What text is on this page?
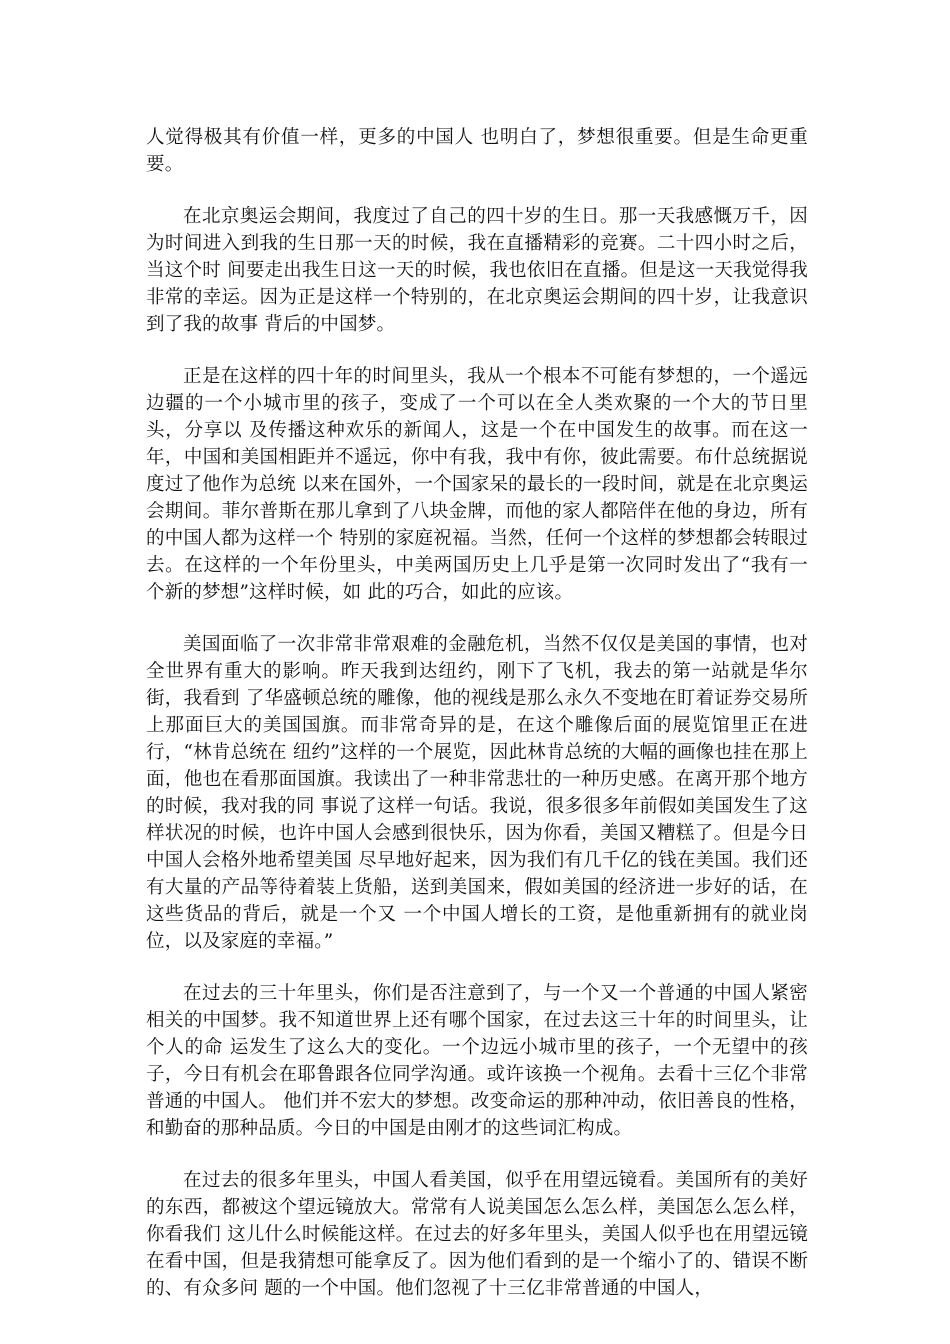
人觉得极其有价值一样，更多的中国人 也明白了，梦想很重要。但是生命更重要。

在北京奥运会期间，我度过了自己的四十岁的生日。那一天我感慨万千，因为时间进入到我的生日那一天的时候，我在直播精彩的竞赛。二十四小时之后，当这个时 间要走出我生日这一天的时候，我也依旧在直播。但是这一天我觉得我非常的幸运。因为正是这样一个特别的，在北京奥运会期间的四十岁，让我意识到了我的故事 背后的中国梦。

正是在这样的四十年的时间里头，我从一个根本不可能有梦想的，一个遥远边疆的一个小城市里的孩子，变成了一个可以在全人类欢聚的一个大的节日里头，分享以 及传播这种欢乐的新闻人，这是一个在中国发生的故事。而在这一年，中国和美国相距并不遥远，你中有我，我中有你，彼此需要。布什总统据说度过了他作为总统 以来在国外，一个国家呆的最长的一段时间，就是在北京奥运会期间。菲尔普斯在那儿拿到了八块金牌，而他的家人都陪伴在他的身边，所有的中国人都为这样一个 特别的家庭祝福。当然，任何一个这样的梦想都会转眼过去。在这样的一个年份里头，中美两国历史上几乎是第一次同时发出了“我有一个新的梦想”这样时候，如 此的巧合，如此的应该。

美国面临了一次非常非常艰难的金融危机，当然不仅仅是美国的事情，也对全世界有重大的影响。昨天我到达纽约，刚下了飞机，我去的第一站就是华尔街，我看到 了华盛顿总统的雕像，他的视线是那么永久不变地在盯着证券交易所上那面巨大的美国国旗。而非常奇异的是，在这个雕像后面的展览馆里正在进行，“林肯总统在 纽约”这样的一个展览，因此林肯总统的大幅的画像也挂在那上面，他也在看那面国旗。我读出了一种非常悲壮的一种历史感。在离开那个地方的时候，我对我的同 事说了这样一句话。我说，很多很多年前假如美国发生了这样状况的时候，也许中国人会感到很快乐，因为你看，美国又糟糕了。但是今日中国人会格外地希望美国 尽早地好起来，因为我们有几千亿的钱在美国。我们还有大量的产品等待着装上货船，送到美国来，假如美国的经济进一步好的话，在这些货品的背后，就是一个又 一个中国人增长的工资，是他重新拥有的就业岗位，以及家庭的幸福。”

在过去的三十年里头，你们是否注意到了，与一个又一个普通的中国人紧密相关的中国梦。我不知道世界上还有哪个国家，在过去这三十年的时间里头，让个人的命 运发生了这么大的变化。一个边远小城市里的孩子，一个无望中的孩子，今日有机会在耶鲁跟各位同学沟通。或许该换一个视角。去看十三亿个非常普通的中国人。 他们并不宏大的梦想。改变命运的那种冲动，依旧善良的性格，和勤奋的那种品质。今日的中国是由刚才的这些词汇构成。

在过去的很多年里头，中国人看美国，似乎在用望远镜看。美国所有的美好的东西，都被这个望远镜放大。常常有人说美国怎么怎么样，美国怎么怎么样，你看我们 这儿什么时候能这样。在过去的好多年里头，美国人似乎也在用望远镜在看中国，但是我猜想可能拿反了。因为他们看到的是一个缩小了的、错误不断的、有众多问 题的一个中国。他们忽视了十三亿非常普通的中国人，
